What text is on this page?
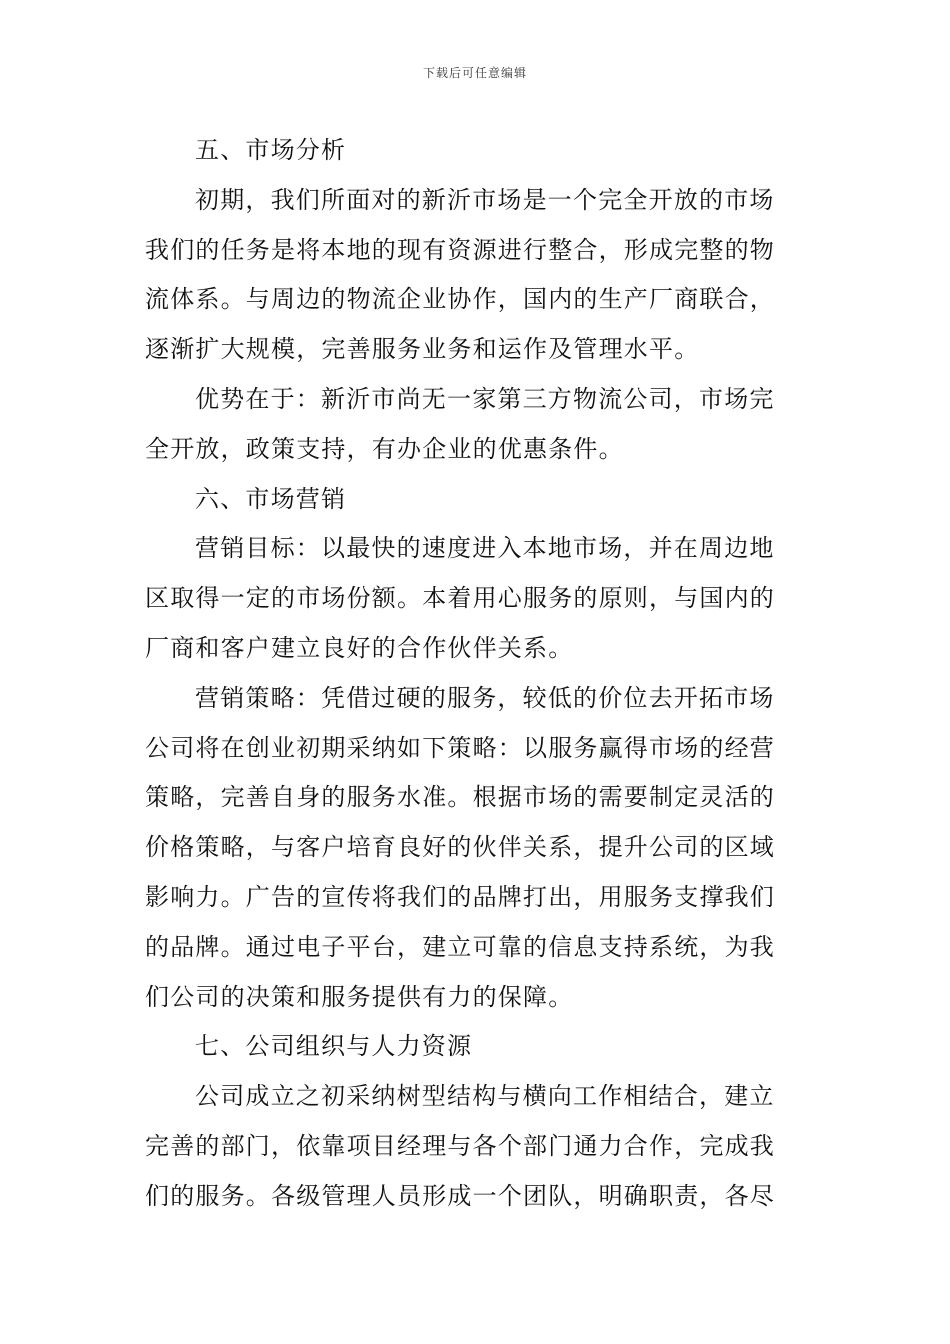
下载后可任意编辑
五、市场分析
初期，我们所面对的新沂市场是一个完全开放的市场
我们的任务是将本地的现有资源进行整合，形成完整的物
流体系。与周边的物流企业协作，国内的生产厂商联合，
逐渐扩大规模，完善服务业务和运作及管理水平。
优势在于：新沂市尚无一家第三方物流公司，市场完
全开放，政策支持，有办企业的优惠条件。
六、市场营销
营销目标：以最快的速度进入本地市场，并在周边地
区取得一定的市场份额。本着用心服务的原则，与国内的
厂商和客户建立良好的合作伙伴关系。
营销策略：凭借过硬的服务，较低的价位去开拓市场
公司将在创业初期采纳如下策略：以服务赢得市场的经营
策略，完善自身的服务水准。根据市场的需要制定灵活的
价格策略，与客户培育良好的伙伴关系，提升公司的区域
影响力。广告的宣传将我们的品牌打出，用服务支撑我们
的品牌。通过电子平台，建立可靠的信息支持系统，为我
们公司的决策和服务提供有力的保障。
七、公司组织与人力资源
公司成立之初采纳树型结构与横向工作相结合，建立
完善的部门，依靠项目经理与各个部门通力合作，完成我
们的服务。各级管理人员形成一个团队，明确职责，各尽
